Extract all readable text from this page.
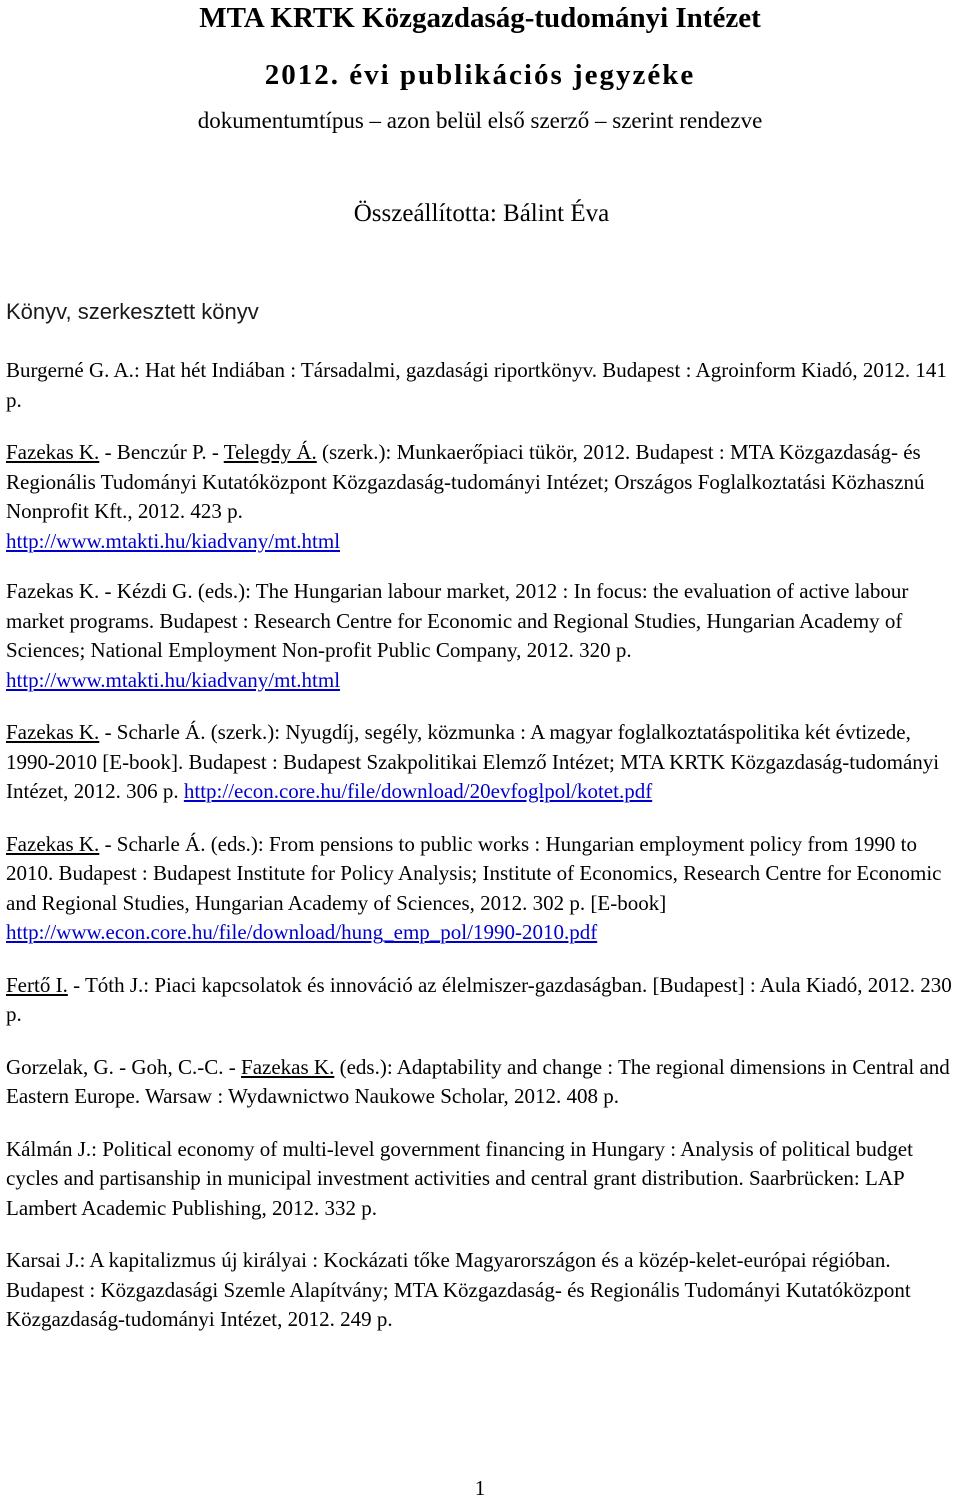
MTA KRTK Közgazdaság-tudományi Intézet
2012. évi publikációs jegyzéke
dokumentumtípus – azon belül első szerző – szerint rendezve
Összeállította: Bálint Éva
Könyv, szerkesztett könyv

Burgerné G. A.: Hat hét Indiában : Társadalmi, gazdasági riportkönyv. Budapest : Agroinform Kiadó, 2012. 141 p.

Fazekas K. - Benczúr P. - Telegdy Á. (szerk.): Munkaerőpiaci tükör, 2012. Budapest : MTA Közgazdaság- és Regionális Tudományi Kutatóközpont Közgazdaság-tudományi Intézet; Országos Foglalkoztatási Közhasznú Nonprofit Kft., 2012. 423 p.
http://www.mtakti.hu/kiadvany/mt.html

Fazekas K. - Kézdi G. (eds.): The Hungarian labour market, 2012 : In focus: the evaluation of active labour market programs. Budapest : Research Centre for Economic and Regional Studies, Hungarian Academy of Sciences; National Employment Non-profit Public Company, 2012. 320 p. http://www.mtakti.hu/kiadvany/mt.html

Fazekas K. - Scharle Á. (szerk.): Nyugdíj, segély, közmunka : A magyar foglalkoztatáspolitika két évtizede, 1990-2010 [E-book]. Budapest : Budapest Szakpolitikai Elemző Intézet; MTA KRTK Közgazdaság-tudományi Intézet, 2012. 306 p. http://econ.core.hu/file/download/20evfoglpol/kotet.pdf

Fazekas K. - Scharle Á. (eds.): From pensions to public works : Hungarian employment policy from 1990 to 2010. Budapest : Budapest Institute for Policy Analysis; Institute of Economics, Research Centre for Economic and Regional Studies, Hungarian Academy of Sciences, 2012. 302 p. [E-book] http://www.econ.core.hu/file/download/hung_emp_pol/1990-2010.pdf

Fertő I. - Tóth J.: Piaci kapcsolatok és innováció az élelmiszer-gazdaságban. [Budapest] : Aula Kiadó, 2012. 230 p.

Gorzelak, G. - Goh, C.-C. - Fazekas K. (eds.): Adaptability and change : The regional dimensions in Central and Eastern Europe. Warsaw : Wydawnictwo Naukowe Scholar, 2012. 408 p.

Kálmán J.: Political economy of multi-level government financing in Hungary : Analysis of political budget cycles and partisanship in municipal investment activities and central grant distribution. Saarbrücken: LAP Lambert Academic Publishing, 2012. 332 p.

Karsai J.: A kapitalizmus új királyai : Kockázati tőke Magyarországon és a közép-kelet-európai régióban. Budapest : Közgazdasági Szemle Alapítvány; MTA Közgazdaság- és Regionális Tudományi Kutatóközpont Közgazdaság-tudományi Intézet, 2012. 249 p.

1
